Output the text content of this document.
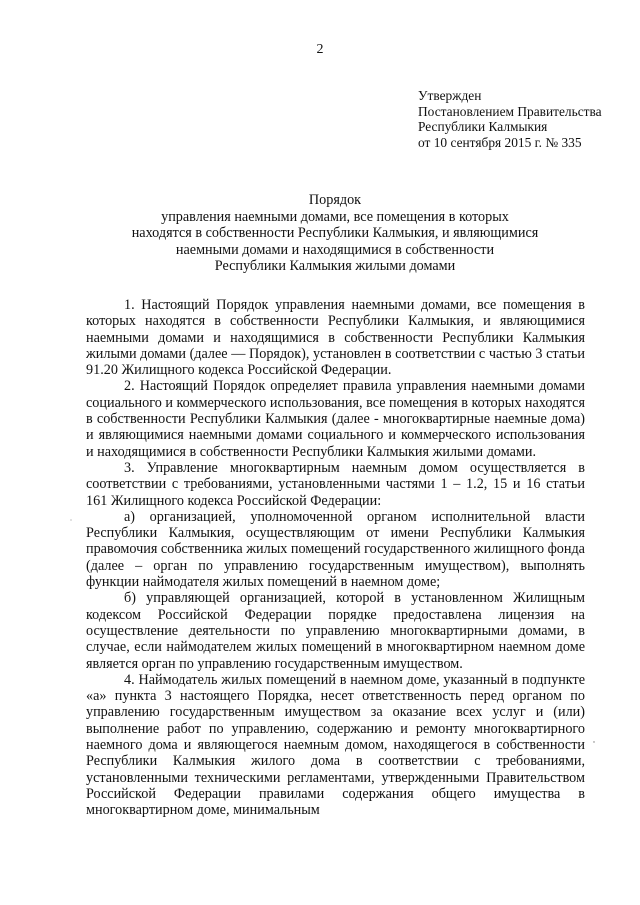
2
Утвержден
Постановлением Правительства
Республики Калмыкия
от 10 сентября 2015 г. № 335
Порядок
управления наемными домами, все помещения в которых
находятся в собственности Республики Калмыкия, и являющимися
наемными домами и находящимися в собственности
Республики Калмыкия жилыми домами

1. Настоящий Порядок управления наемными домами, все помещения в которых находятся в собственности Республики Калмыкия, и являющимися наемными домами и находящимися в собственности Республики Калмыкия жилыми домами (далее — Порядок), установлен в соответствии с частью 3 статьи 91.20 Жилищного кодекса Российской Федерации.

2. Настоящий Порядок определяет правила управления наемными домами социального и коммерческого использования, все помещения в которых находятся в собственности Республики Калмыкия (далее - многоквартирные наемные дома) и являющимися наемными домами социального и коммерческого использования и находящимися в собственности Республики Калмыкия жилыми домами.

3. Управление многоквартирным наемным домом осуществляется в соответствии с требованиями, установленными частями 1 – 1.2, 15 и 16 статьи 161 Жилищного кодекса Российской Федерации:

а) организацией, уполномоченной органом исполнительной власти Республики Калмыкия, осуществляющим от имени Республики Калмыкия правомочия собственника жилых помещений государственного жилищного фонда (далее – орган по управлению государственным имуществом), выполнять функции наймодателя жилых помещений в наемном доме;

б) управляющей организацией, которой в установленном Жилищным кодексом Российской Федерации порядке предоставлена лицензия на осуществление деятельности по управлению многоквартирными домами, в случае, если наймодателем жилых помещений в многоквартирном наемном доме является орган по управлению государственным имуществом.

4. Наймодатель жилых помещений в наемном доме, указанный в подпункте «а» пункта 3 настоящего Порядка, несет ответственность перед органом по управлению государственным имуществом за оказание всех услуг и (или) выполнение работ по управлению, содержанию и ремонту многоквартирного наемного дома и являющегося наемным домом, находящегося в собственности Республики Калмыкия жилого дома в соответствии с требованиями, установленными техническими регламентами, утвержденными Правительством Российской Федерации правилами содержания общего имущества в многоквартирном доме, минимальным
